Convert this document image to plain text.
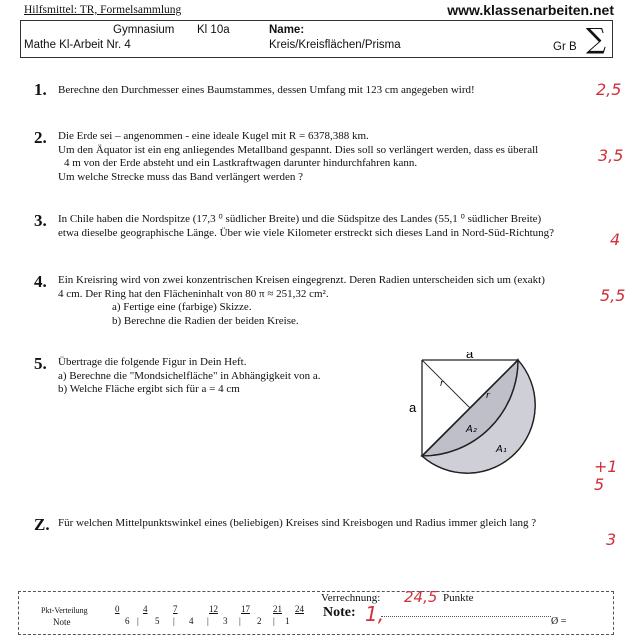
Hilfsmittel: TR, Formelsammlung	www.klassenarbeiten.net
Gymnasium Kl 10a	Name:
Mathe Kl-Arbeit Nr. 4	Kreis/Kreisflächen/Prisma	Gr B ∑
1. Berechne den Durchmesser eines Baumstammes, dessen Umfang mit 123 cm angegeben wird!	2,5
2. Die Erde sei – angenommen - eine ideale Kugel mit R = 6378,388 km.
Um den Äquator ist ein eng anliegendes Metallband gespannt. Dies soll so verlängert werden, dass es überall
4 m von der Erde absteht und ein Lastkraftwagen darunter hindurchfahren kann.
Um welche Strecke muss das Band verlängert werden ?
3,5
3. In Chile haben die Nordspitze (17,3 ⁰ südlicher Breite) und die Südspitze des Landes (55,1 ⁰ südlicher Breite)
etwa dieselbe geographische Länge. Über wie viele Kilometer erstreckt sich dieses Land in Nord-Süd-Richtung?	4
4. Ein Kreisring wird von zwei konzentrischen Kreisen eingegrenzt. Deren Radien unterscheiden sich um (exakt)
4 cm. Der Ring hat den Flächeninhalt von 80 π ≈ 251,32 cm².
a) Fertige eine (farbige) Skizze.
b) Berechne die Radien der beiden Kreise.
5,5
5. Übertrage die folgende Figur in Dein Heft.
a) Berechne die "Mondsichelfläche" in Abhängigkeit von a.
b) Welche Fläche ergibt sich für a = 4 cm
+1
5
a
a
r
r
A₂
A₁
Z. Für welchen Mittelpunktswinkel eines (beliebigen) Kreises sind Kreisbogen und Radius immer gleich lang ?
3
Pkt-Verteilung	0	4	7	12	17	21 24
Note	6 | 5 | 4 | 3 | 2 | 1
Verrechnung: 24,5 Punkte
Note: 1,	Ø =
